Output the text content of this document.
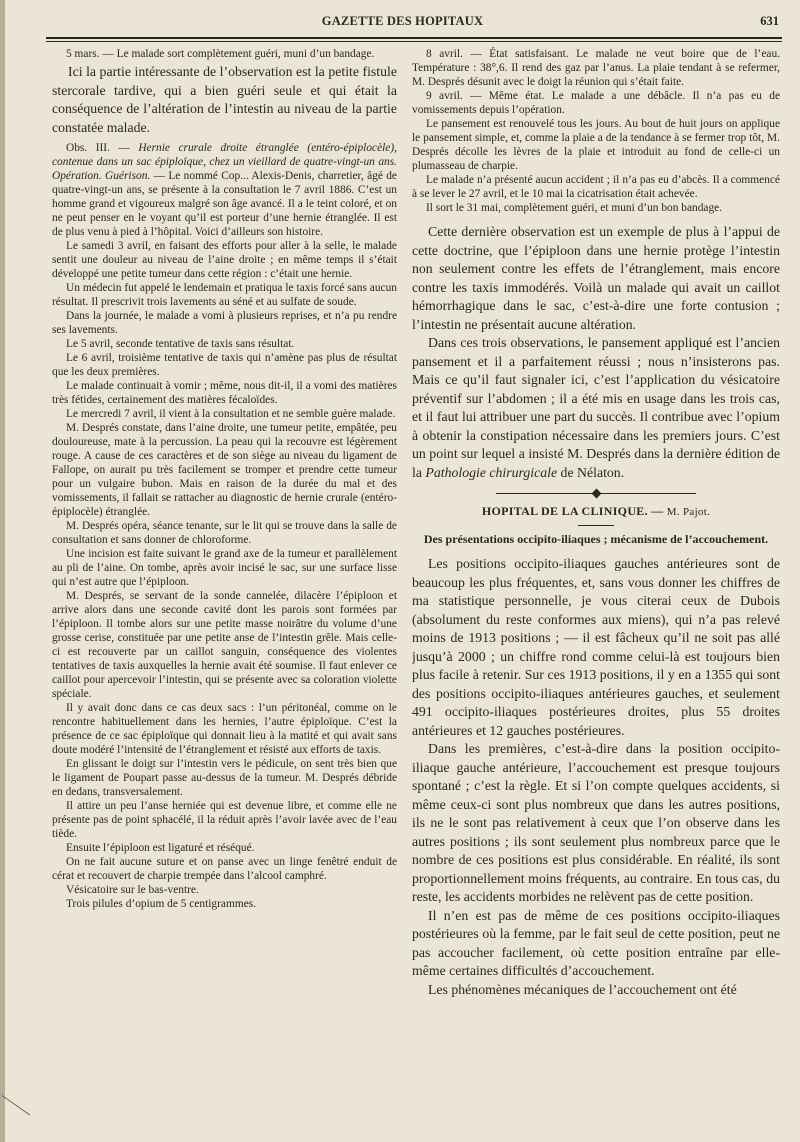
GAZETTE DES HOPITAUX	631

5 mars. — Le malade sort complètement guéri, muni d’un bandage.

Ici la partie intéressante de l’observation est la petite fistule stercorale tardive, qui a bien guéri seule et qui était la conséquence de l’altération de l’intestin au niveau de la partie constatée malade.

Obs. III. — Hernie crurale droite étranglée (entéro-épiplocèle), contenue dans un sac épiploïque, chez un vieillard de quatre-vingt-un ans. Opération. Guérison. — Le nommé Cop... Alexis-Denis, charretier, âgé de quatre-vingt-un ans, se présente à la consultation le 7 avril 1886. C’est un homme grand et vigoureux malgré son âge avancé. Il a le teint coloré, et on ne peut penser en le voyant qu’il est porteur d’une hernie étranglée. Il est de plus venu à pied à l’hôpital. Voici d’ailleurs son histoire.

Le samedi 3 avril, en faisant des efforts pour aller à la selle, le malade sentit une douleur au niveau de l’aine droite ; en même temps il s’était développé une petite tumeur dans cette région : c’était une hernie.

Un médecin fut appelé le lendemain et pratiqua le taxis forcé sans aucun résultat. Il prescrivit trois lavements au séné et au sulfate de soude.

Dans la journée, le malade a vomi à plusieurs reprises, et n’a pu rendre ses lavements.

Le 5 avril, seconde tentative de taxis sans résultat.

Le 6 avril, troisième tentative de taxis qui n’amène pas plus de résultat que les deux premières.

Le malade continuait à vomir ; même, nous dit-il, il a vomi des matières très fétides, certainement des matières fécaloïdes.

Le mercredi 7 avril, il vient à la consultation et ne semble guère malade.

M. Després constate, dans l’aine droite, une tumeur petite, empâtée, peu douloureuse, mate à la percussion. La peau qui la recouvre est légèrement rouge. A cause de ces caractères et de son siège au niveau du ligament de Fallope, on aurait pu très facilement se tromper et prendre cette tumeur pour un vulgaire bubon. Mais en raison de la durée du mal et des vomissements, il fallait se rattacher au diagnostic de hernie crurale (entéro-épiplocèle) étranglée.

M. Després opéra, séance tenante, sur le lit qui se trouve dans la salle de consultation et sans donner de chloroforme.

Une incision est faite suivant le grand axe de la tumeur et parallèlement au pli de l’aine. On tombe, après avoir incisé le sac, sur une surface lisse qui n’est autre que l’épiploon.

M. Després, se servant de la sonde cannelée, dilacère l’épiploon et arrive alors dans une seconde cavité dont les parois sont formées par l’épiploon. Il tombe alors sur une petite masse noirâtre du volume d’une grosse cerise, constituée par une petite anse de l’intestin grêle. Mais celle-ci est recouverte par un caillot sanguin, conséquence des violentes tentatives de taxis auxquelles la hernie avait été soumise. Il faut enlever ce caillot pour apercevoir l’intestin, qui se présente avec sa coloration violette spéciale.

Il y avait donc dans ce cas deux sacs : l’un péritonéal, comme on le rencontre habituellement dans les hernies, l’autre épiploïque. C’est la présence de ce sac épiploïque qui donnait lieu à la matité et qui avait sans doute modéré l’intensité de l’étranglement et résisté aux efforts de taxis.

En glissant le doigt sur l’intestin vers le pédicule, on sent très bien que le ligament de Poupart passe au-dessus de la tumeur. M. Després débride en dedans, transversalement.

Il attire un peu l’anse herniée qui est devenue libre, et comme elle ne présente pas de point sphacélé, il la réduit après l’avoir lavée avec de l’eau tiède.

Ensuite l’épiploon est ligaturé et réséqué.

On ne fait aucune suture et on panse avec un linge fenêtré enduit de cérat et recouvert de charpie trempée dans l’alcool camphré.

Vésicatoire sur le bas-ventre.

Trois pilules d’opium de 5 centigrammes.

8 avril. — État satisfaisant. Le malade ne veut boire que de l’eau. Température : 38°,6. Il rend des gaz par l’anus. La plaie tendant à se refermer, M. Després désunit avec le doigt la réunion qui s’était faite.

9 avril. — Même état. Le malade a une débâcle. Il n’a pas eu de vomissements depuis l’opération.

Le pansement est renouvelé tous les jours. Au bout de huit jours on applique le pansement simple, et, comme la plaie a de la tendance à se fermer trop tôt, M. Després décolle les lèvres de la plaie et introduit au fond de celle-ci un plumasseau de charpie.

Le malade n’a présenté aucun accident ; il n’a pas eu d’abcès. Il a commencé à se lever le 27 avril, et le 10 mai la cicatrisation était achevée.

Il sort le 31 mai, complètement guéri, et muni d’un bon bandage.

Cette dernière observation est un exemple de plus à l’appui de cette doctrine, que l’épiploon dans une hernie protège l’intestin non seulement contre les effets de l’étranglement, mais encore contre les taxis immodérés. Voilà un malade qui avait un caillot hémorrhagique dans le sac, c’est-à-dire une forte contusion ; l’intestin ne présentait aucune altération.

Dans ces trois observations, le pansement appliqué est l’ancien pansement et il a parfaitement réussi ; nous n’insisterons pas. Mais ce qu’il faut signaler ici, c’est l’application du vésicatoire préventif sur l’abdomen ; il a été mis en usage dans les trois cas, et il faut lui attribuer une part du succès. Il contribue avec l’opium à obtenir la constipation nécessaire dans les premiers jours. C’est un point sur lequel a insisté M. Després dans la dernière édition de la Pathologie chirurgicale de Nélaton.

HOPITAL DE LA CLINIQUE. — M. Pajot.
Des présentations occipito-iliaques ; mécanisme de l’accouchement.

Les positions occipito-iliaques gauches antérieures sont de beaucoup les plus fréquentes, et, sans vous donner les chiffres de ma statistique personnelle, je vous citerai ceux de Dubois (absolument du reste conformes aux miens), qui n’a pas relevé moins de 1913 positions ; — il est fâcheux qu’il ne soit pas allé jusqu’à 2000 ; un chiffre rond comme celui-là est toujours bien plus facile à retenir. Sur ces 1913 positions, il y en a 1355 qui sont des positions occipito-iliaques antérieures gauches, et seulement 491 occipito-iliaques postérieures droites, plus 55 droites antérieures et 12 gauches postérieures.

Dans les premières, c’est-à-dire dans la position occipito-iliaque gauche antérieure, l’accouchement est presque toujours spontané ; c’est la règle. Et si l’on compte quelques accidents, si même ceux-ci sont plus nombreux que dans les autres positions, ils ne le sont pas relativement à ceux que l’on observe dans les autres positions ; ils sont seulement plus nombreux parce que le nombre de ces positions est plus considérable. En réalité, ils sont proportionnellement moins fréquents, au contraire. En tous cas, du reste, les accidents morbides ne relèvent pas de cette position.

Il n’en est pas de même de ces positions occipito-iliaques postérieures où la femme, par le fait seul de cette position, peut ne pas accoucher facilement, où cette position entraîne par elle-même certaines difficultés d’accouchement.

Les phénomènes mécaniques de l’accouchement ont été
